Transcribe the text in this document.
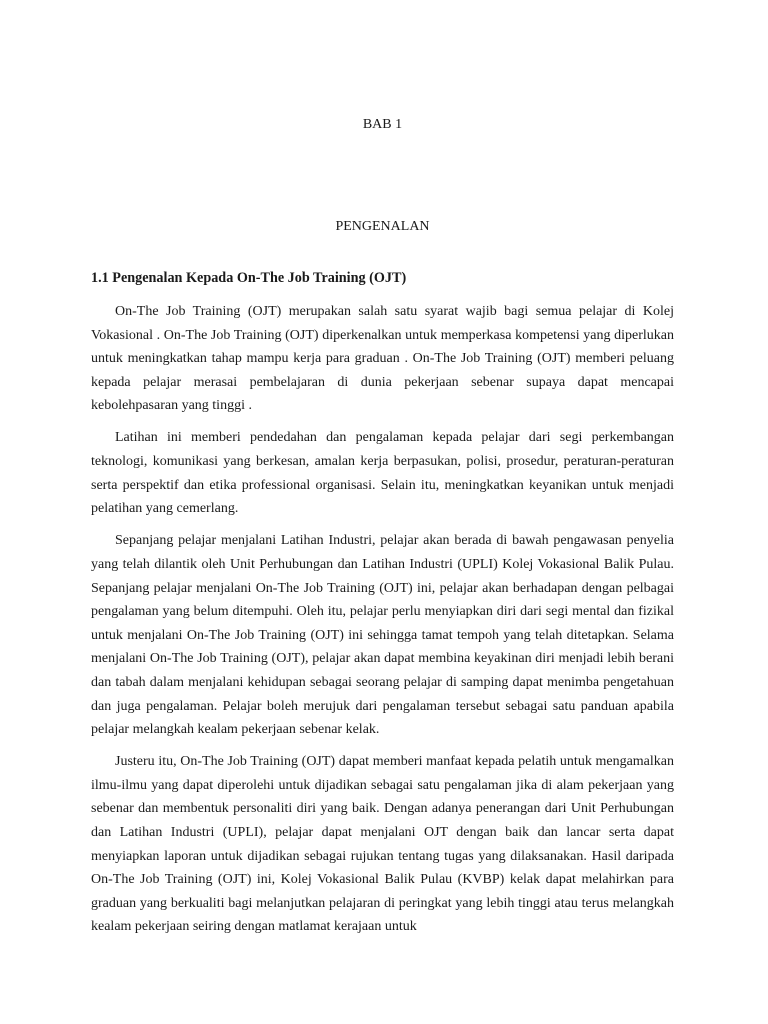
BAB 1
PENGENALAN
1.1 Pengenalan Kepada On-The Job Training (OJT)

On-The Job Training (OJT) merupakan salah satu syarat wajib bagi semua pelajar di Kolej Vokasional . On-The Job Training (OJT) diperkenalkan untuk memperkasa kompetensi yang diperlukan untuk meningkatkan tahap mampu kerja para graduan . On-The Job Training (OJT) memberi peluang kepada pelajar merasai pembelajaran di dunia pekerjaan sebenar supaya dapat mencapai kebolehpasaran yang tinggi .

Latihan ini memberi pendedahan dan pengalaman kepada pelajar dari segi perkembangan teknologi, komunikasi yang berkesan, amalan kerja berpasukan, polisi, prosedur, peraturan-peraturan serta perspektif dan etika professional organisasi. Selain itu, meningkatkan keyanikan untuk menjadi pelatihan yang cemerlang.

Sepanjang pelajar menjalani Latihan Industri, pelajar akan berada di bawah pengawasan penyelia yang telah dilantik oleh Unit Perhubungan dan Latihan Industri (UPLI) Kolej Vokasional Balik Pulau. Sepanjang pelajar menjalani On-The Job Training (OJT) ini, pelajar akan berhadapan dengan pelbagai pengalaman yang belum ditempuhi. Oleh itu, pelajar perlu menyiapkan diri dari segi mental dan fizikal untuk menjalani On-The Job Training (OJT) ini sehingga tamat tempoh yang telah ditetapkan. Selama menjalani On-The Job Training (OJT), pelajar akan dapat membina keyakinan diri menjadi lebih berani dan tabah dalam menjalani kehidupan sebagai seorang pelajar di samping dapat menimba pengetahuan dan juga pengalaman. Pelajar boleh merujuk dari pengalaman tersebut sebagai satu panduan apabila pelajar melangkah kealam pekerjaan sebenar kelak.

Justeru itu, On-The Job Training (OJT) dapat memberi manfaat kepada pelatih untuk mengamalkan ilmu-ilmu yang dapat diperolehi untuk dijadikan sebagai satu pengalaman jika di alam pekerjaan yang sebenar dan membentuk personaliti diri yang baik. Dengan adanya penerangan dari Unit Perhubungan dan Latihan Industri (UPLI), pelajar dapat menjalani OJT dengan baik dan lancar serta dapat menyiapkan laporan untuk dijadikan sebagai rujukan tentang tugas yang dilaksanakan. Hasil daripada On-The Job Training (OJT) ini, Kolej Vokasional Balik Pulau (KVBP) kelak dapat melahirkan para graduan yang berkualiti bagi melanjutkan pelajaran di peringkat yang lebih tinggi atau terus melangkah kealam pekerjaan seiring dengan matlamat kerajaan untuk
